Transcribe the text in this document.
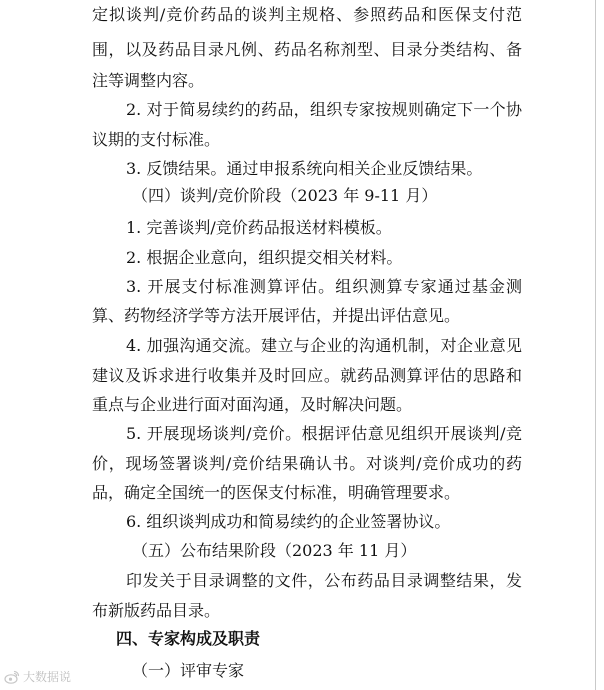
定拟谈判/竞价药品的谈判主规格、参照药品和医保支付范
围，以及药品目录凡例、药品名称剂型、目录分类结构、备
注等调整内容。
2. 对于简易续约的药品，组织专家按规则确定下一个协
议期的支付标准。
3. 反馈结果。通过申报系统向相关企业反馈结果。
（四）谈判/竞价阶段（2023 年 9-11 月）
1. 完善谈判/竞价药品报送材料模板。
2. 根据企业意向，组织提交相关材料。
3. 开展支付标准测算评估。组织测算专家通过基金测
算、药物经济学等方法开展评估，并提出评估意见。
4. 加强沟通交流。建立与企业的沟通机制，对企业意见
建议及诉求进行收集并及时回应。就药品测算评估的思路和
重点与企业进行面对面沟通，及时解决问题。
5. 开展现场谈判/竞价。根据评估意见组织开展谈判/竞
价，现场签署谈判/竞价结果确认书。对谈判/竞价成功的药
品，确定全国统一的医保支付标准，明确管理要求。
6. 组织谈判成功和简易续约的企业签署协议。
（五）公布结果阶段（2023 年 11 月）
印发关于目录调整的文件，公布药品目录调整结果，发
布新版药品目录。
四、专家构成及职责
（一）评审专家
大数据说
